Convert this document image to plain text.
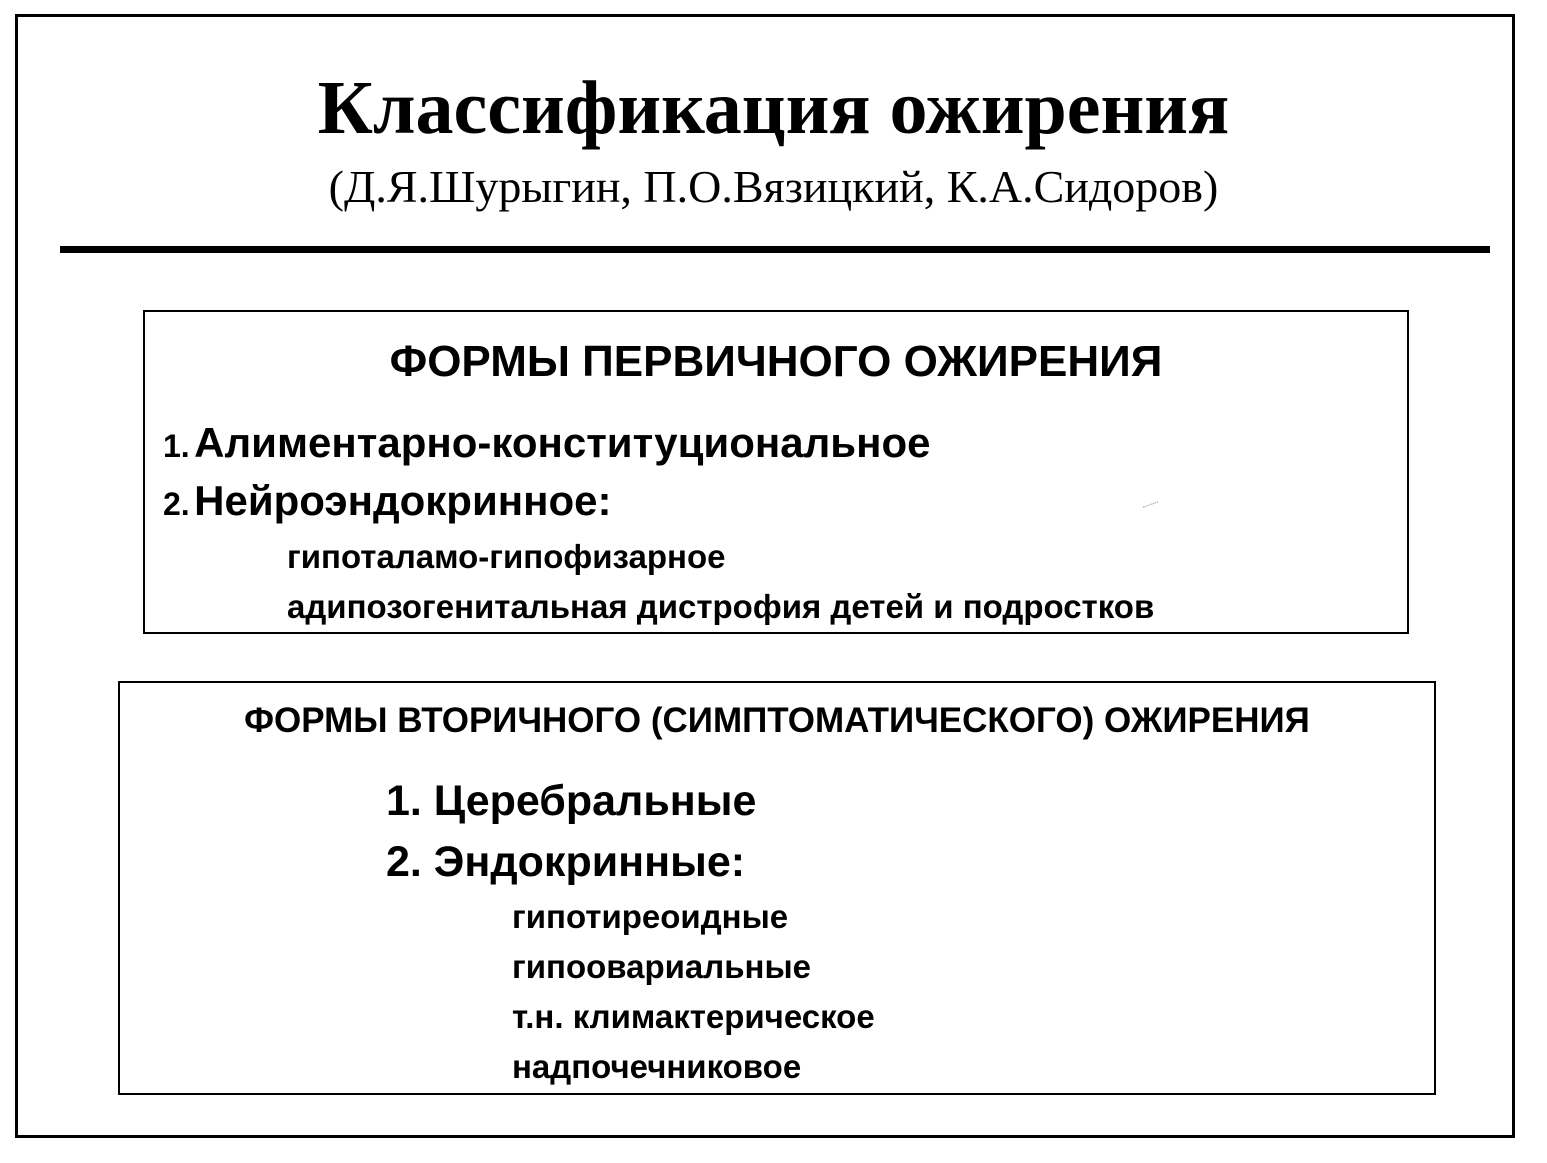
Классификация ожирения
(Д.Я.Шурыгин, П.О.Вязицкий, К.А.Сидоров)
ФОРМЫ ПЕРВИЧНОГО ОЖИРЕНИЯ
1. Алиментарно-конституциональное
2. Нейроэндокринное:
гипоталамо-гипофизарное
адипозогенитальная дистрофия детей и подростков
ФОРМЫ ВТОРИЧНОГО (СИМПТОМАТИЧЕСКОГО) ОЖИРЕНИЯ
1. Церебральные
2. Эндокринные:
гипотиреоидные
гипоовариальные
т.н. климактерическое
надпочечниковое
